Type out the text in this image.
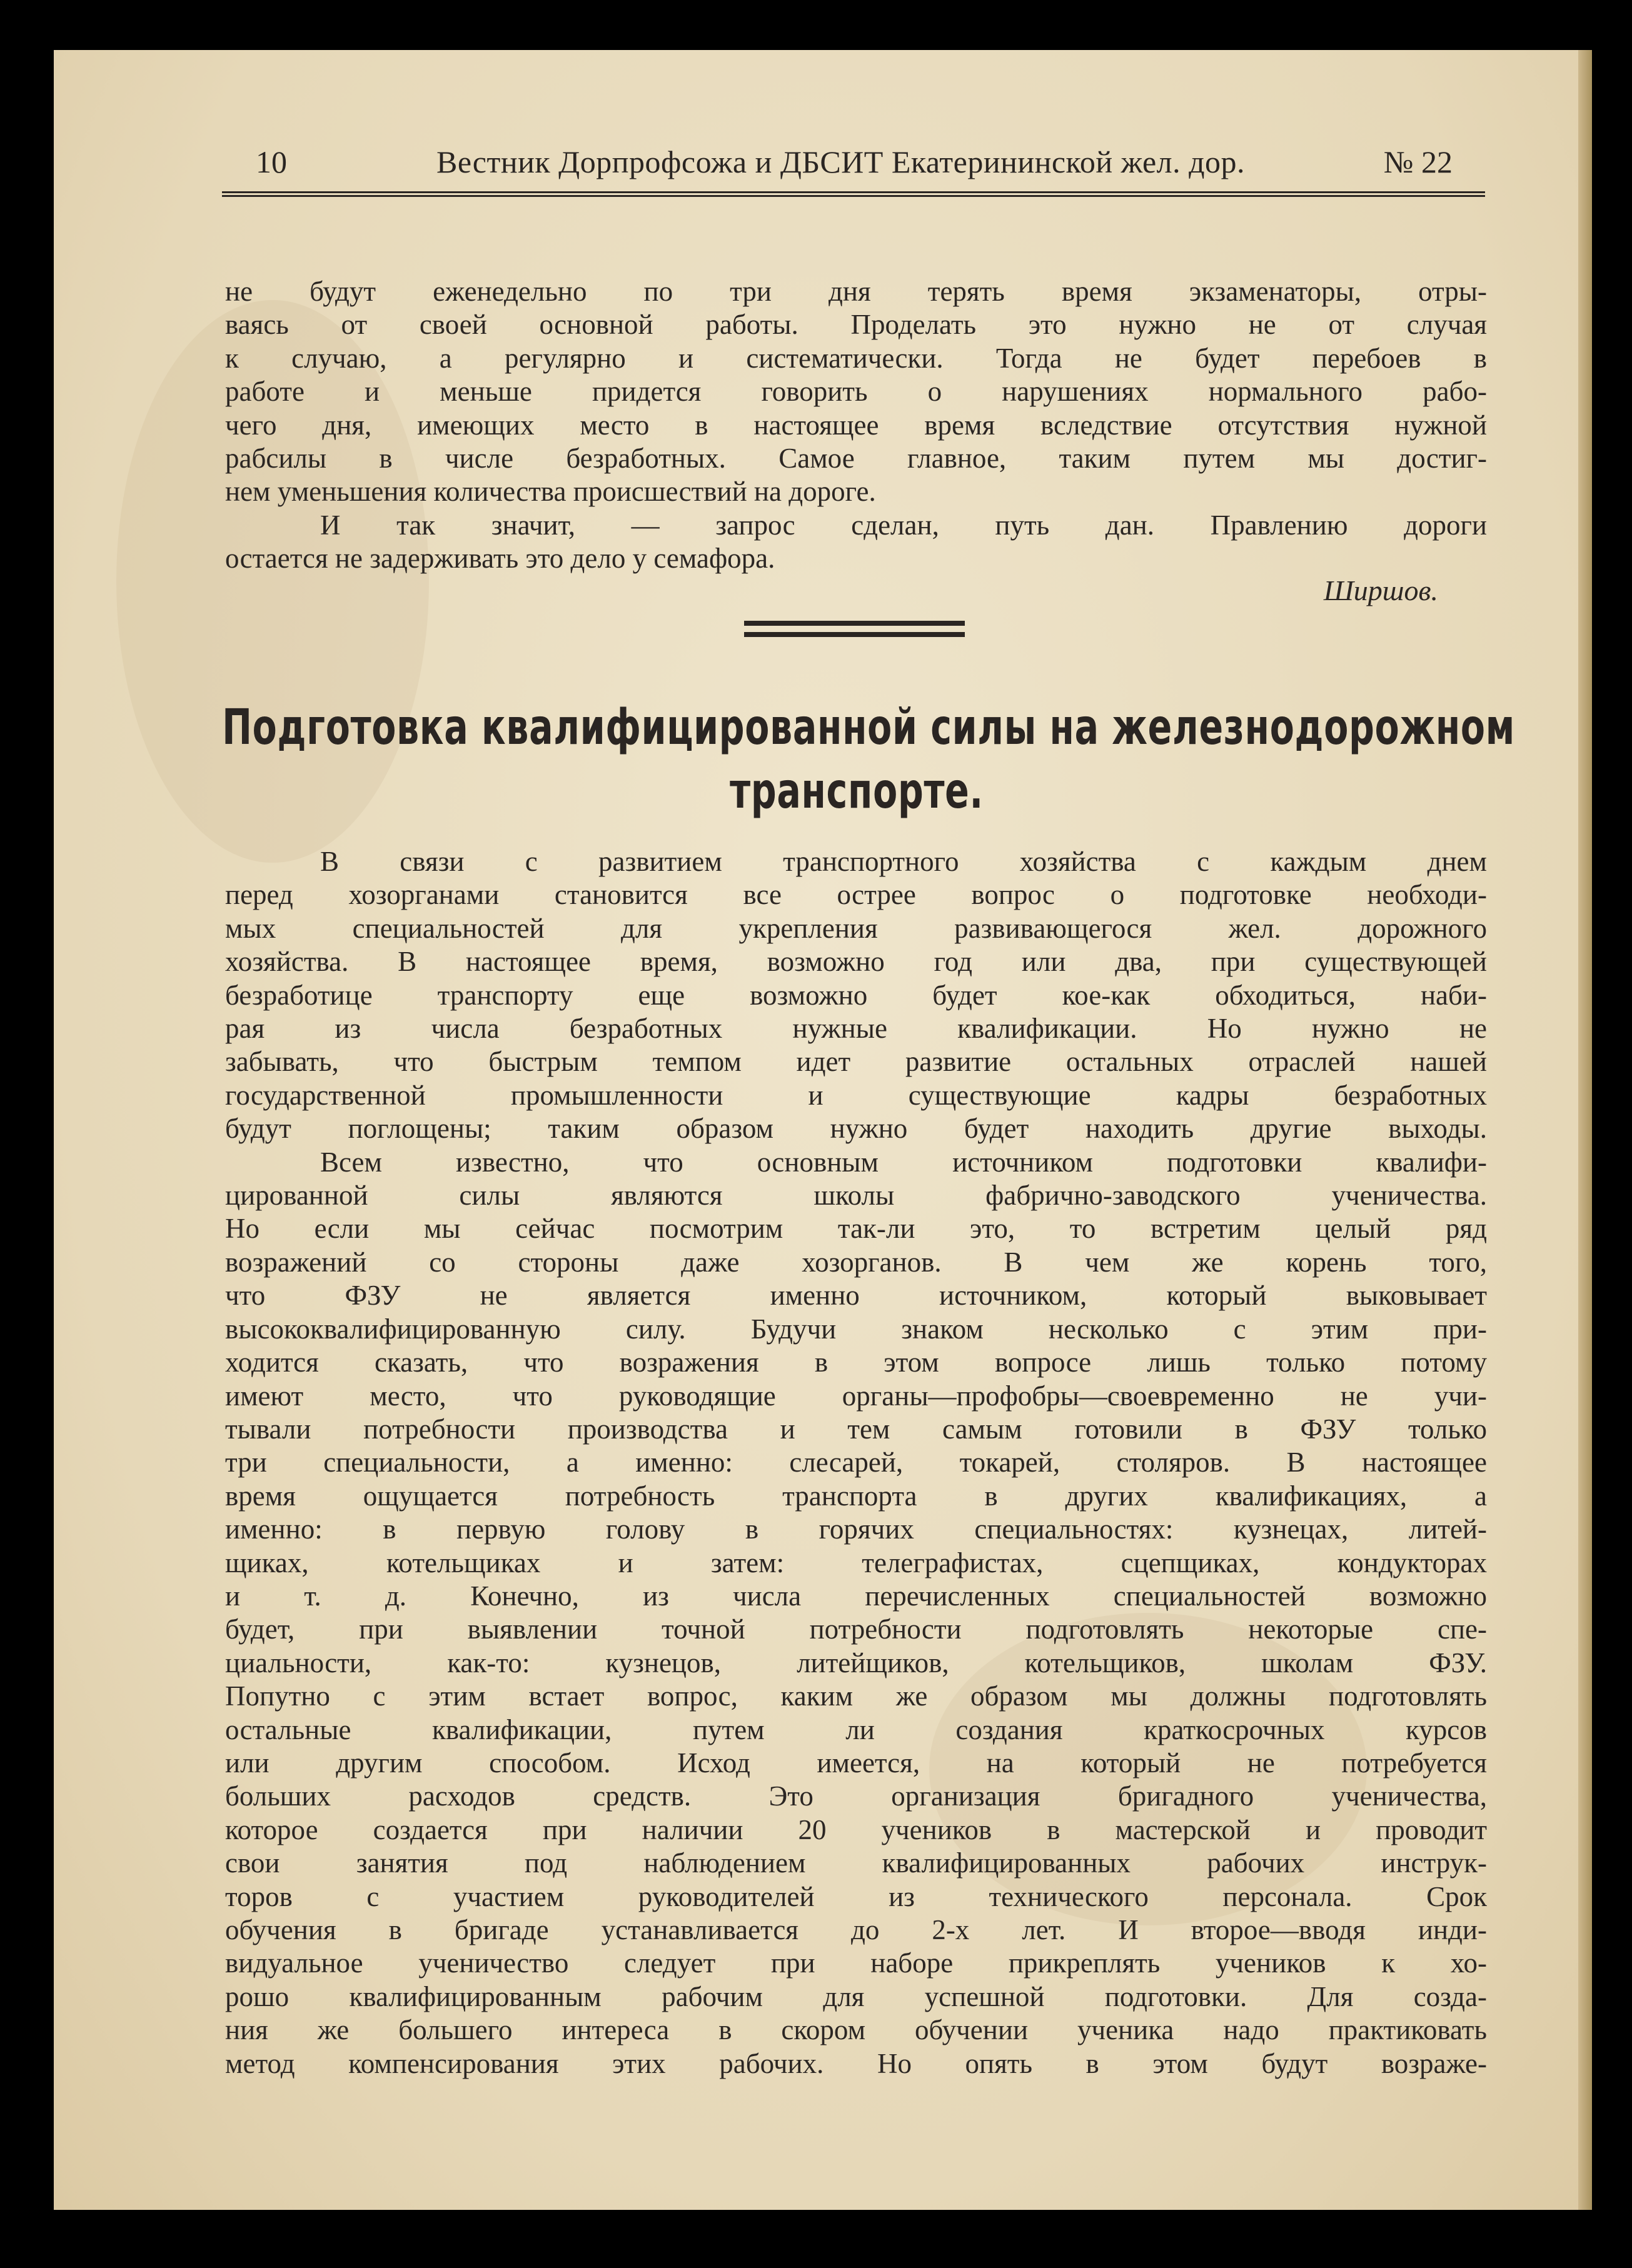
10	Вестник Дорпрофсожа и ДБСИТ Екатерининской жел. дор.	№ 22

не будут еженедельно по три дня терять время экзаменаторы, отры-
ваясь от своей основной работы. Проделать это нужно не от случая
к случаю, а регулярно и систематически. Тогда не будет перебоев в
работе и меньше придется говорить о нарушениях нормального рабо-
чего дня, имеющих место в настоящее время вследствие отсутствия нужной
рабсилы в числе безработных. Самое главное, таким путем мы достиг-
нем уменьшения количества происшествий на дороге.

И так значит, — запрос сделан, путь дан. Правлению дороги
остается не задерживать это дело у семафора.

Ширшов.
Подготовка квалифицированной силы на железнодорожном
транспорте.

В связи с развитием транспортного хозяйства с каждым днем
перед хозорганами становится все острее вопрос о подготовке необходи-
мых специальностей для укрепления развивающегося жел. дорожного
хозяйства. В настоящее время, возможно год или два, при существующей
безработице транспорту еще возможно будет кое-как обходиться, наби-
рая из числа безработных нужные квалификации. Но нужно не
забывать, что быстрым темпом идет развитие остальных отраслей нашей
государственной промышленности и существующие кадры безработных
будут поглощены; таким образом нужно будет находить другие выходы.

Всем известно, что основным источником подготовки квалифи-
цированной силы являются школы фабрично-заводского ученичества.
Но если мы сейчас посмотрим так-ли это, то встретим целый ряд
возражений со стороны даже хозорганов. В чем же корень того,
что ФЗУ не является именно источником, который выковывает
высококвалифицированную силу. Будучи знаком несколько с этим при-
ходится сказать, что возражения в этом вопросе лишь только потому
имеют место, что руководящие органы—профобры—своевременно не учи-
тывали потребности производства и тем самым готовили в ФЗУ только
три специальности, а именно: слесарей, токарей, столяров. В настоящее
время ощущается потребность транспорта в других квалификациях, а
именно: в первую голову в горячих специальностях: кузнецах, литей-
щиках, котельщиках и затем: телеграфистах, сцепщиках, кондукторах
и т. д. Конечно, из числа перечисленных специальностей возможно
будет, при выявлении точной потребности подготовлять некоторые спе-
циальности, как-то: кузнецов, литейщиков, котельщиков, школам ФЗУ.
Попутно с этим встает вопрос, каким же образом мы должны подготовлять
остальные квалификации, путем ли создания краткосрочных курсов
или другим способом. Исход имеется, на который не потребуется
больших расходов средств. Это организация бригадного ученичества,
которое создается при наличии 20 учеников в мастерской и проводит
свои занятия под наблюдением квалифицированных рабочих инструк-
торов с участием руководителей из технического персонала. Срок
обучения в бригаде устанавливается до 2-х лет. И второе—вводя инди-
видуальное ученичество следует при наборе прикреплять учеников к хо-
рошо квалифицированным рабочим для успешной подготовки. Для созда-
ния же большего интереса в скором обучении ученика надо практиковать
метод компенсирования этих рабочих. Но опять в этом будут возраже-
